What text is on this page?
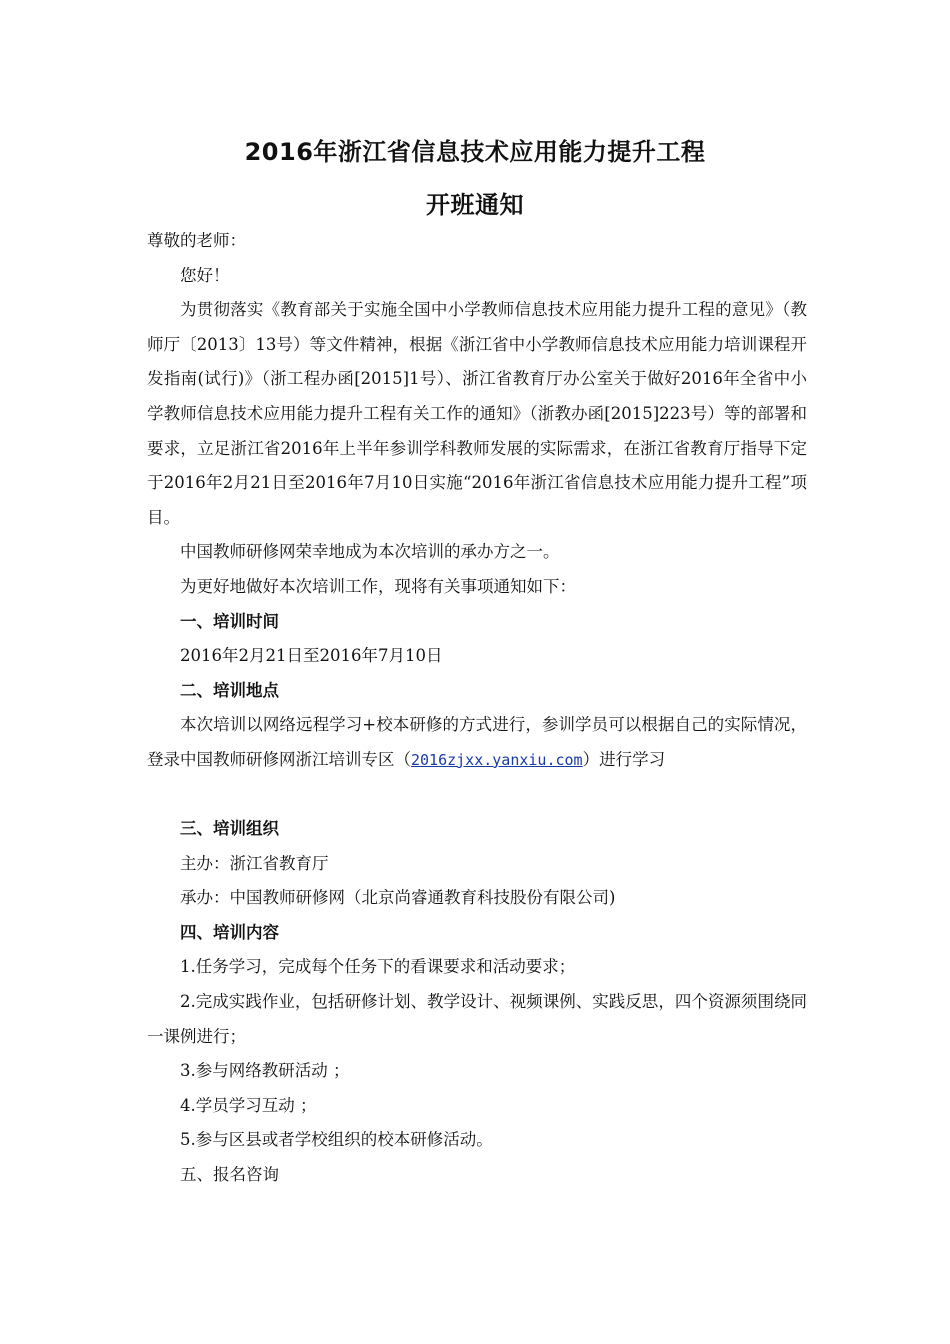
2016年浙江省信息技术应用能力提升工程
开班通知

尊敬的老师：

您好！

为贯彻落实《教育部关于实施全国中小学教师信息技术应用能力提升工程的意见》（教师厅〔2013〕13号）等文件精神，根据《浙江省中小学教师信息技术应用能力培训课程开发指南(试行)》（浙工程办函[2015]1号）、浙江省教育厅办公室关于做好2016年全省中小学教师信息技术应用能力提升工程有关工作的通知》（浙教办函[2015]223号）等的部署和要求，立足浙江省2016年上半年参训学科教师发展的实际需求，在浙江省教育厅指导下定于2016年2月21日至2016年7月10日实施“2016年浙江省信息技术应用能力提升工程”项目。

中国教师研修网荣幸地成为本次培训的承办方之一。

为更好地做好本次培训工作，现将有关事项通知如下：

一、培训时间

2016年2月21日至2016年7月10日

二、培训地点

本次培训以网络远程学习+校本研修的方式进行，参训学员可以根据自己的实际情况，登录中国教师研修网浙江培训专区（2016zjxx.yanxiu.com）进行学习

三、培训组织

主办：浙江省教育厅

承办：中国教师研修网（北京尚睿通教育科技股份有限公司)

四、培训内容

1.任务学习，完成每个任务下的看课要求和活动要求；

2.完成实践作业，包括研修计划、教学设计、视频课例、实践反思，四个资源须围绕同一课例进行；

3.参与网络教研活动 ；

4.学员学习互动 ；

5.参与区县或者学校组织的校本研修活动。

五、报名咨询
